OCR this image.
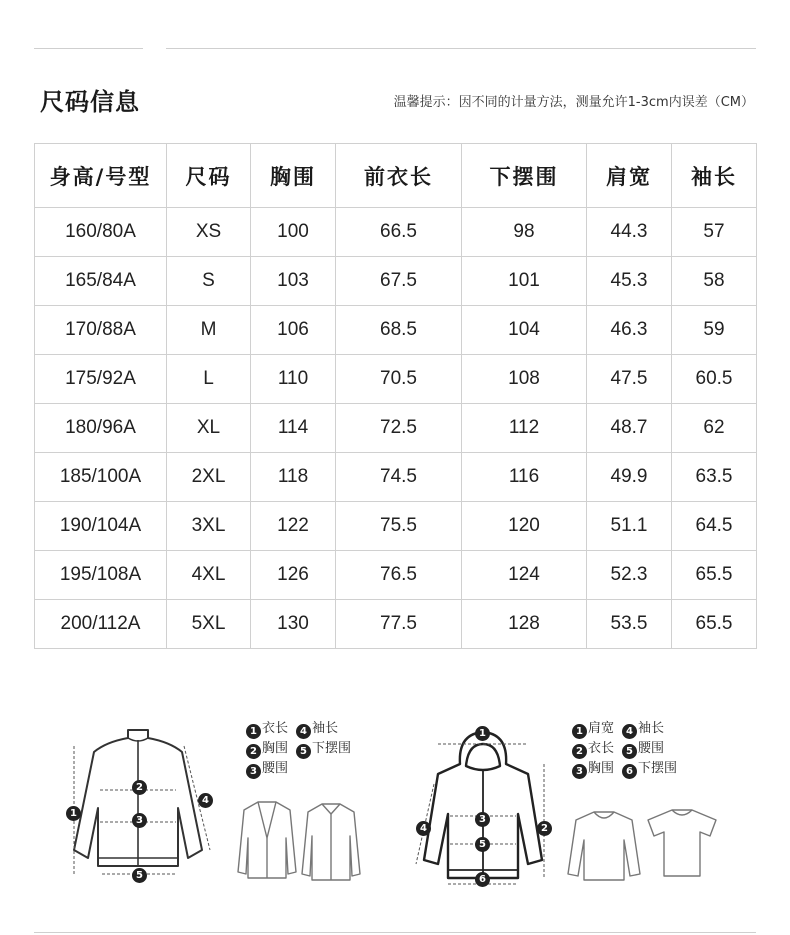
尺码信息	温馨提示：因不同的计量方法，测量允许1-3cm内误差（CM）
身高/号型	尺码	胸围	前衣长	下摆围	肩宽	袖长
160/80A	XS	100	66.5	98	44.3	57
165/84A	S	103	67.5	101	45.3	58
170/88A	M	106	68.5	104	46.3	59
175/92A	L	110	70.5	108	47.5	60.5
180/96A	XL	114	72.5	112	48.7	62
185/100A	2XL	118	74.5	116	49.9	63.5
190/104A	3XL	122	75.5	120	51.1	64.5
195/108A	4XL	126	76.5	124	52.3	65.5
200/112A	5XL	130	77.5	128	53.5	65.5
1
2
3
4
5
1 衣长 4 袖长
2 胸围 5 下摆围
3 腰围
1
2
3
4
5
6
1 肩宽 4 袖长
2 衣长 5 腰围
3 胸围 6 下摆围
